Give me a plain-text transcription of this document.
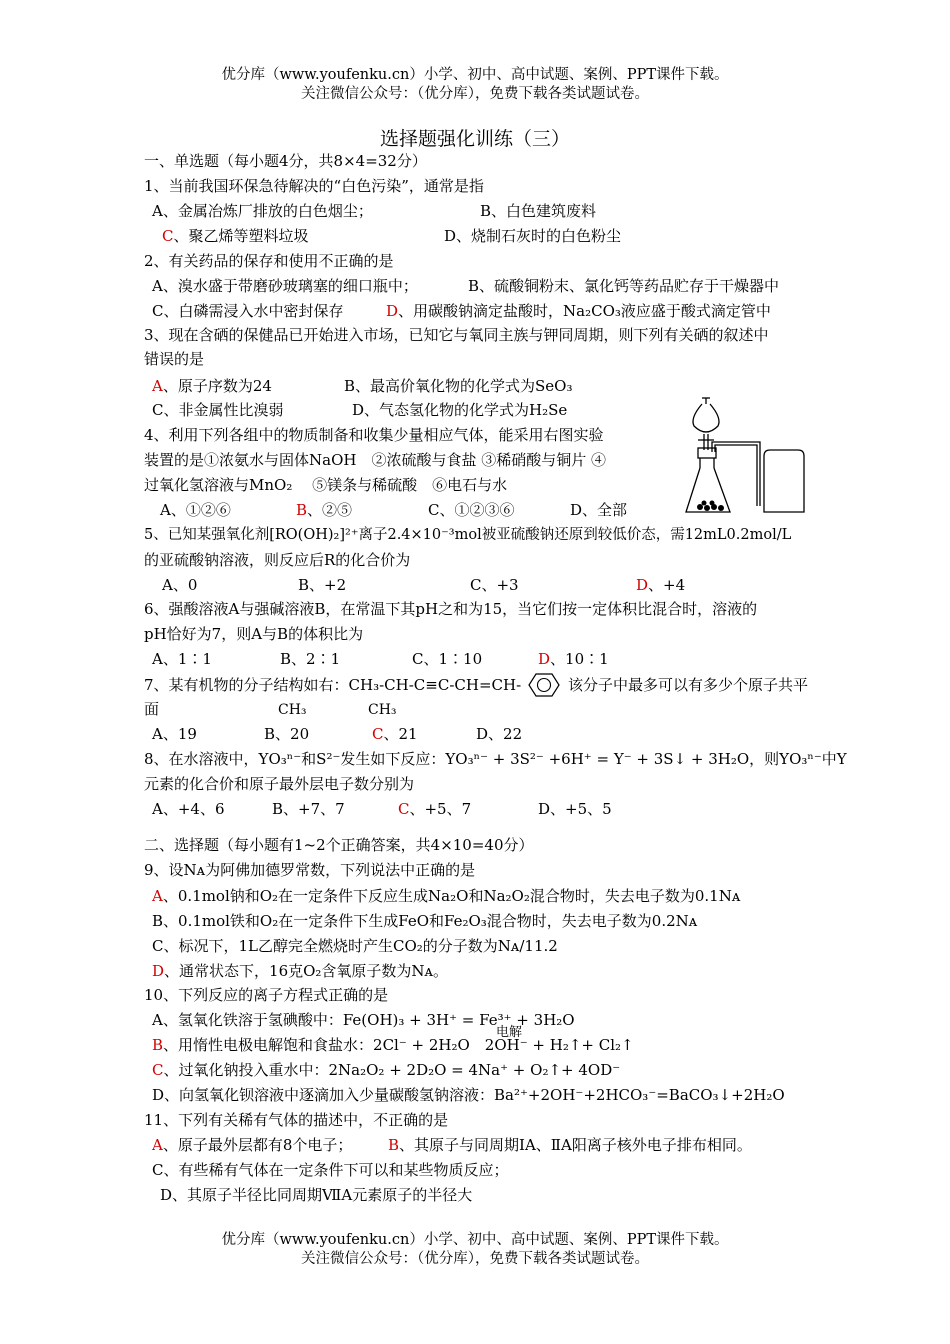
优分库（www.youfenku.cn）小学、初中、高中试题、案例、PPT课件下载。
关注微信公众号：（优分库），免费下载各类试题试卷。
选择题强化训练（三）
一、单选题（每小题4分，共8×4=32分）
1、当前我国环保急待解决的“白色污染”，通常是指
A、金属冶炼厂排放的白色烟尘；	B、白色建筑废料
C、聚乙烯等塑料垃圾	D、烧制石灰时的白色粉尘
2、有关药品的保存和使用不正确的是
A、溴水盛于带磨砂玻璃塞的细口瓶中；	B、硫酸铜粉末、氯化钙等药品贮存于干燥器中
C、白磷需浸入水中密封保存	D、用碳酸钠滴定盐酸时，Na₂CO₃液应盛于酸式滴定管中
3、现在含硒的保健品已开始进入市场，已知它与氧同主族与钾同周期，则下列有关硒的叙述中
错误的是
A、原子序数为24	B、最高价氧化物的化学式为SeO₃
C、非金属性比溴弱	D、气态氢化物的化学式为H₂Se
4、利用下列各组中的物质制备和收集少量相应气体，能采用右图实验
装置的是①浓氨水与固体NaOH　②浓硫酸与食盐 ③稀硝酸与铜片 ④
过氧化氢溶液与MnO₂　 ⑤镁条与稀硫酸　⑥电石与水
A、①②⑥	B、②⑤	C、①②③⑥	D、全部
5、已知某强氧化剂[RO(OH)₂]²⁺离子2.4×10⁻³mol被亚硫酸钠还原到较低价态，需12mL0.2mol/L
的亚硫酸钠溶液，则反应后R的化合价为
A、0	B、+2	C、+3	D、+4
6、强酸溶液A与强碱溶液B，在常温下其pH之和为15，当它们按一定体积比混合时，溶液的
pH恰好为7，则A与B的体积比为
A、1∶1	B、2∶1	C、1∶10	D、10∶1
7、某有机物的分子结构如右：CH₃-CH-C≡C-CH=CH-	该分子中最多可以有多少个原子共平
面	CH₃	CH₃
A、19	B、20	C、21	D、22
8、在水溶液中，YO₃ⁿ⁻和S²⁻发生如下反应：YO₃ⁿ⁻ + 3S²⁻ +6H⁺ = Y⁻ + 3S↓ + 3H₂O，则YO₃ⁿ⁻中Y
元素的化合价和原子最外层电子数分别为
A、+4、6	B、+7、7	C、+5、7	D、+5、5
二、选择题（每小题有1~2个正确答案，共4×10=40分）
9、设Nᴀ为阿佛加德罗常数，下列说法中正确的是
A、0.1mol钠和O₂在一定条件下反应生成Na₂O和Na₂O₂混合物时，失去电子数为0.1Nᴀ
B、0.1mol铁和O₂在一定条件下生成FeO和Fe₂O₃混合物时，失去电子数为0.2Nᴀ
C、标况下，1L乙醇完全燃烧时产生CO₂的分子数为Nᴀ/11.2
D、通常状态下，16克O₂含氧原子数为Nᴀ。
10、下列反应的离子方程式正确的是
A、氢氧化铁溶于氢碘酸中：Fe(OH)₃ + 3H⁺ = Fe³⁺ + 3H₂O
电解
B、用惰性电极电解饱和食盐水：2Cl⁻ + 2H₂O　2OH⁻ + H₂↑+ Cl₂↑
C、过氧化钠投入重水中：2Na₂O₂ + 2D₂O = 4Na⁺ + O₂↑+ 4OD⁻
D、向氢氧化钡溶液中逐滴加入少量碳酸氢钠溶液：Ba²⁺+2OH⁻+2HCO₃⁻=BaCO₃↓+2H₂O
11、下列有关稀有气体的描述中，不正确的是
A、原子最外层都有8个电子； B、其原子与同周期ⅠA、ⅡA阳离子核外电子排布相同。
C、有些稀有气体在一定条件下可以和某些物质反应；
D、其原子半径比同周期ⅦA元素原子的半径大
优分库（www.youfenku.cn）小学、初中、高中试题、案例、PPT课件下载。
关注微信公众号：（优分库），免费下载各类试题试卷。
